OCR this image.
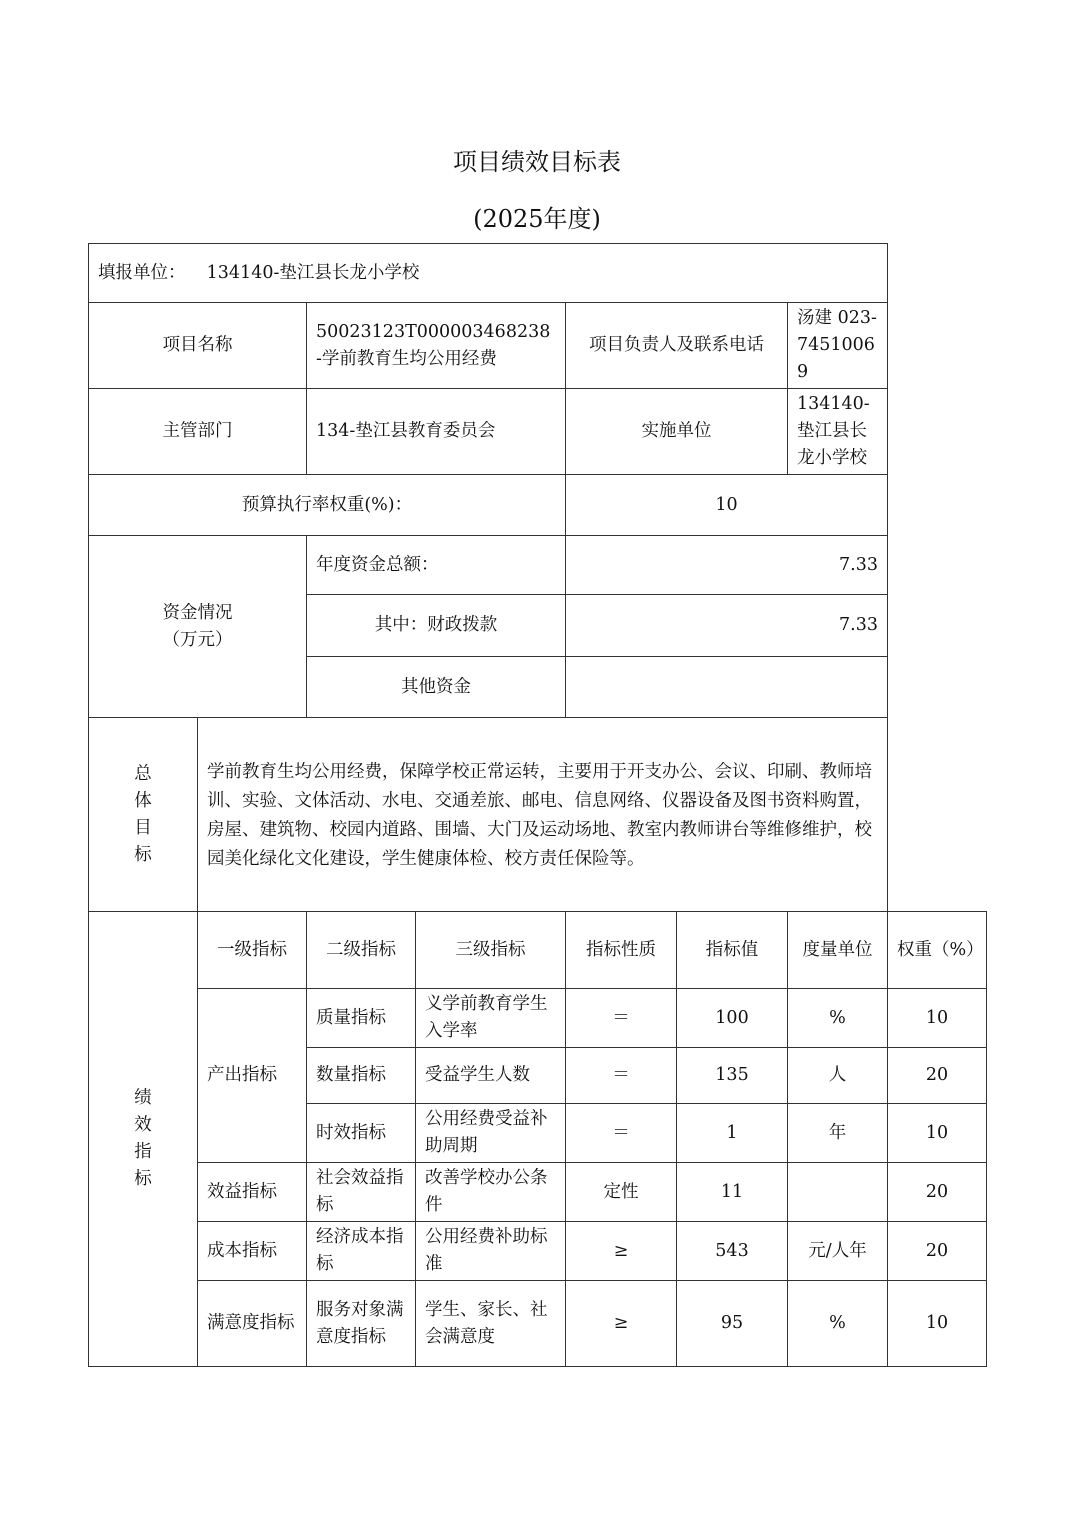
项目绩效目标表
(2025年度)
填报单位： 134140-垫江县长龙小学校							
项目名称		50023123T000003468238-学前教育生均公用经费		项目负责人及联系电话		汤建 023-74510069	
主管部门		134-垫江县教育委员会		实施单位		134140-垫江县长龙小学校	
预算执行率权重(%)：				10			

资金情况
（万元）		年度资金总额：		7.33			
		其中：财政拨款		7.33			
		其他资金					

总
体
目
标	学前教育生均公用经费，保障学校正常运转，主要用于开支办公、会议、印刷、教师培训、实验、文体活动、水电、交通差旅、邮电、信息网络、仪器设备及图书资料购置，房屋、建筑物、校园内道路、围墙、大门及运动场地、教室内教师讲台等维修维护，校园美化绿化文化建设，学生健康体检、校方责任保险等。						

绩
效
指
标	一级指标	二级指标	三级指标	指标性质	指标值	度量单位	权重（%）
	产出指标	质量指标	义学前教育学生入学率	＝	100	%	10
		数量指标	受益学生人数	＝	135	人	20
		时效指标	公用经费受益补助周期	＝	1	年	10
	效益指标	社会效益指标	改善学校办公条件	定性	11		20
	成本指标	经济成本指标	公用经费补助标准	≥	543	元/人年	20
	满意度指标	服务对象满意度指标	学生、家长、社会满意度	≥	95	%	10
